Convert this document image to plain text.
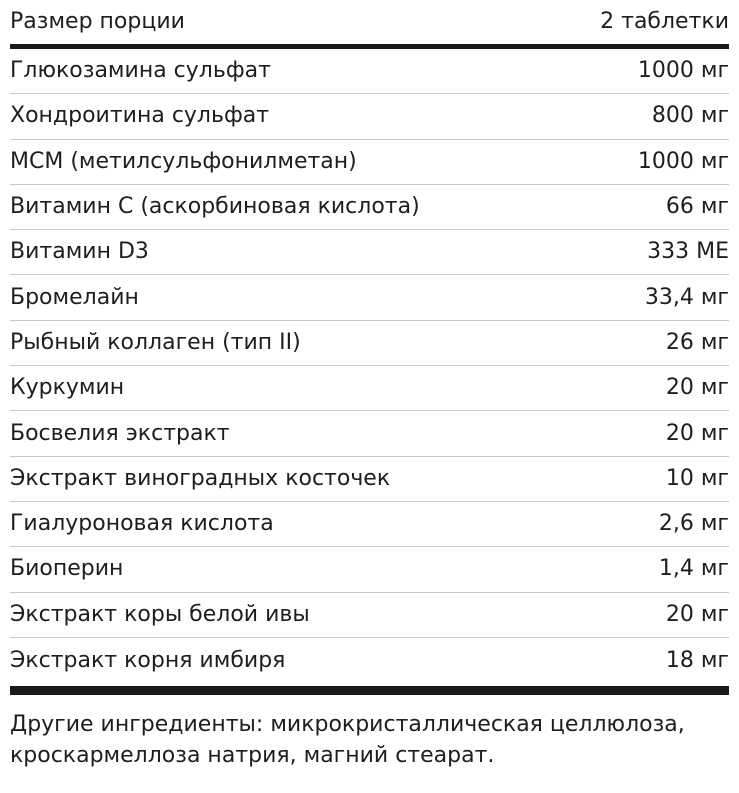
Размер порции	2 таблетки
Глюкозамина сульфат	1000 мг
Хондроитина сульфат	800 мг
МСМ (метилсульфонилметан)	1000 мг
Витамин С (аскорбиновая кислота)	66 мг
Витамин D3	333 МЕ
Бромелайн	33,4 мг
Рыбный коллаген (тип II)	26 мг
Куркумин	20 мг
Босвелия экстракт	20 мг
Экстракт виноградных косточек	10 мг
Гиалуроновая кислота	2,6 мг
Биоперин	1,4 мг
Экстракт коры белой ивы	20 мг
Экстракт корня имбиря	18 мг

Другие ингредиенты: микрокристаллическая целлюлоза, кроскармеллоза натрия, магний стеарат.
